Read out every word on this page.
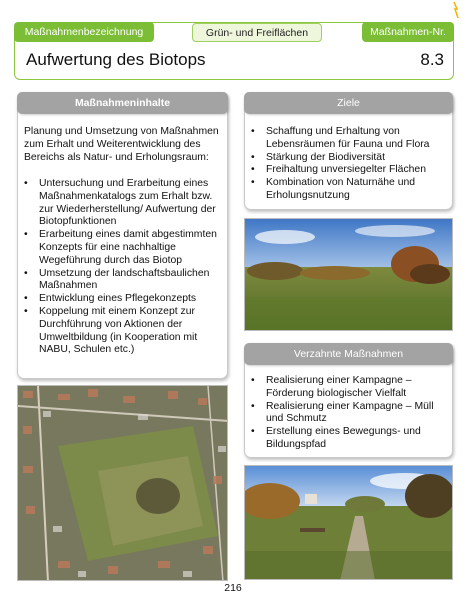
Maßnahmenbezeichnung	Grün- und Freiflächen	Maßnahmen-Nr.
Aufwertung des Biotops	8.3
Maßnahmeninhalte
Planung und Umsetzung von Maßnahmen
zum Erhalt und Weiterentwicklung des
Bereichs als Natur- und Erholungsraum:
• Untersuchung und Erarbeitung eines
Maßnahmenkatalogs zum Erhalt bzw.
zur Wiederherstellung/ Aufwertung der
Biotopfunktionen
• Erarbeitung eines damit abgestimmten
Konzepts für eine nachhaltige
Wegeführung durch das Biotop
• Umsetzung der landschaftsbaulichen
Maßnahmen
• Entwicklung eines Pflegekonzepts
• Koppelung mit einem Konzept zur
Durchführung von Aktionen der
Umweltbildung (in Kooperation mit
NABU, Schulen etc.)
Ziele
• Schaffung und Erhaltung von
Lebensräumen für Fauna und Flora
• Stärkung der Biodiversität
• Freihaltung unversiegelter Flächen
• Kombination von Naturnähe und
Erholungsnutzung
Verzahnte Maßnahmen
• Realisierung einer Kampagne –
Förderung biologischer Vielfalt
• Realisierung einer Kampagne – Müll
und Schmutz
• Erstellung eines Bewegungs- und
Bildungspfad
216
